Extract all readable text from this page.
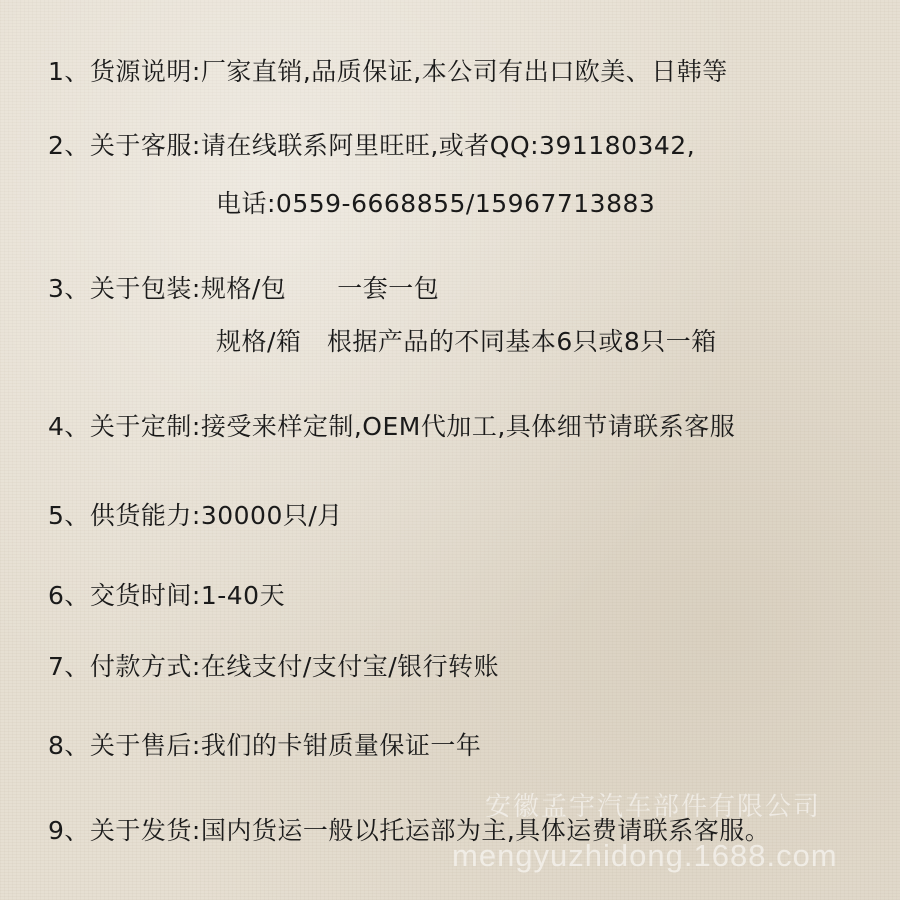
1、货源说明:厂家直销,品质保证,本公司有出口欧美、日韩等
2、关于客服:请在线联系阿里旺旺,或者QQ:391180342,
电话:0559-6668855/15967713883
3、关于包装:规格/包　　一套一包
规格/箱　根据产品的不同基本6只或8只一箱
4、关于定制:接受来样定制,OEM代加工,具体细节请联系客服
5、供货能力:30000只/月
6、交货时间:1-40天
7、付款方式:在线支付/支付宝/银行转账
8、关于售后:我们的卡钳质量保证一年
9、关于发货:国内货运一般以托运部为主,具体运费请联系客服。
安徽孟宇汽车部件有限公司
mengyuzhidong.1688.com
